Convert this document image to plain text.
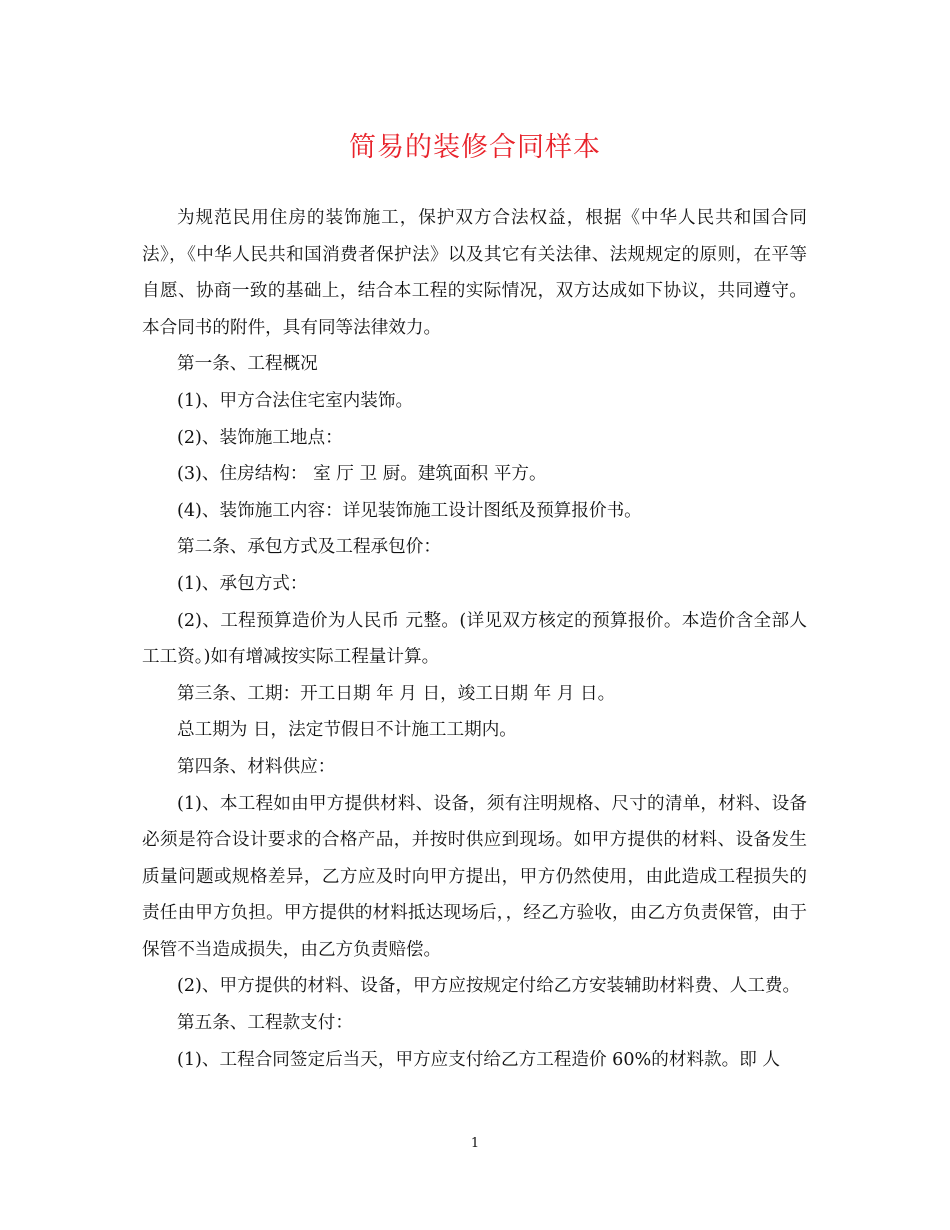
简易的装修合同样本

为规范民用住房的装饰施工，保护双方合法权益，根据《中华人民共和国合同法》，《中华人民共和国消费者保护法》以及其它有关法律、法规规定的原则，在平等自愿、协商一致的基础上，结合本工程的实际情况，双方达成如下协议，共同遵守。本合同书的附件，具有同等法律效力。

第一条、工程概况

(1)、甲方合法住宅室内装饰。

(2)、装饰施工地点：

(3)、住房结构： 室 厅 卫 厨。建筑面积 平方。

(4)、装饰施工内容：详见装饰施工设计图纸及预算报价书。

第二条、承包方式及工程承包价：

(1)、承包方式：

(2)、工程预算造价为人民币 元整。(详见双方核定的预算报价。本造价含全部人工工资。)如有增减按实际工程量计算。

第三条、工期：开工日期 年 月 日，竣工日期 年 月 日。

总工期为 日，法定节假日不计施工工期内。

第四条、材料供应：

(1)、本工程如由甲方提供材料、设备，须有注明规格、尺寸的清单，材料、设备必须是符合设计要求的合格产品，并按时供应到现场。如甲方提供的材料、设备发生质量问题或规格差异，乙方应及时向甲方提出，甲方仍然使用，由此造成工程损失的责任由甲方负担。甲方提供的材料抵达现场后，，经乙方验收，由乙方负责保管，由于保管不当造成损失，由乙方负责赔偿。

(2)、甲方提供的材料、设备，甲方应按规定付给乙方安装辅助材料费、人工费。

第五条、工程款支付：

(1)、工程合同签定后当天，甲方应支付给乙方工程造价 60%的材料款。即 人

1
